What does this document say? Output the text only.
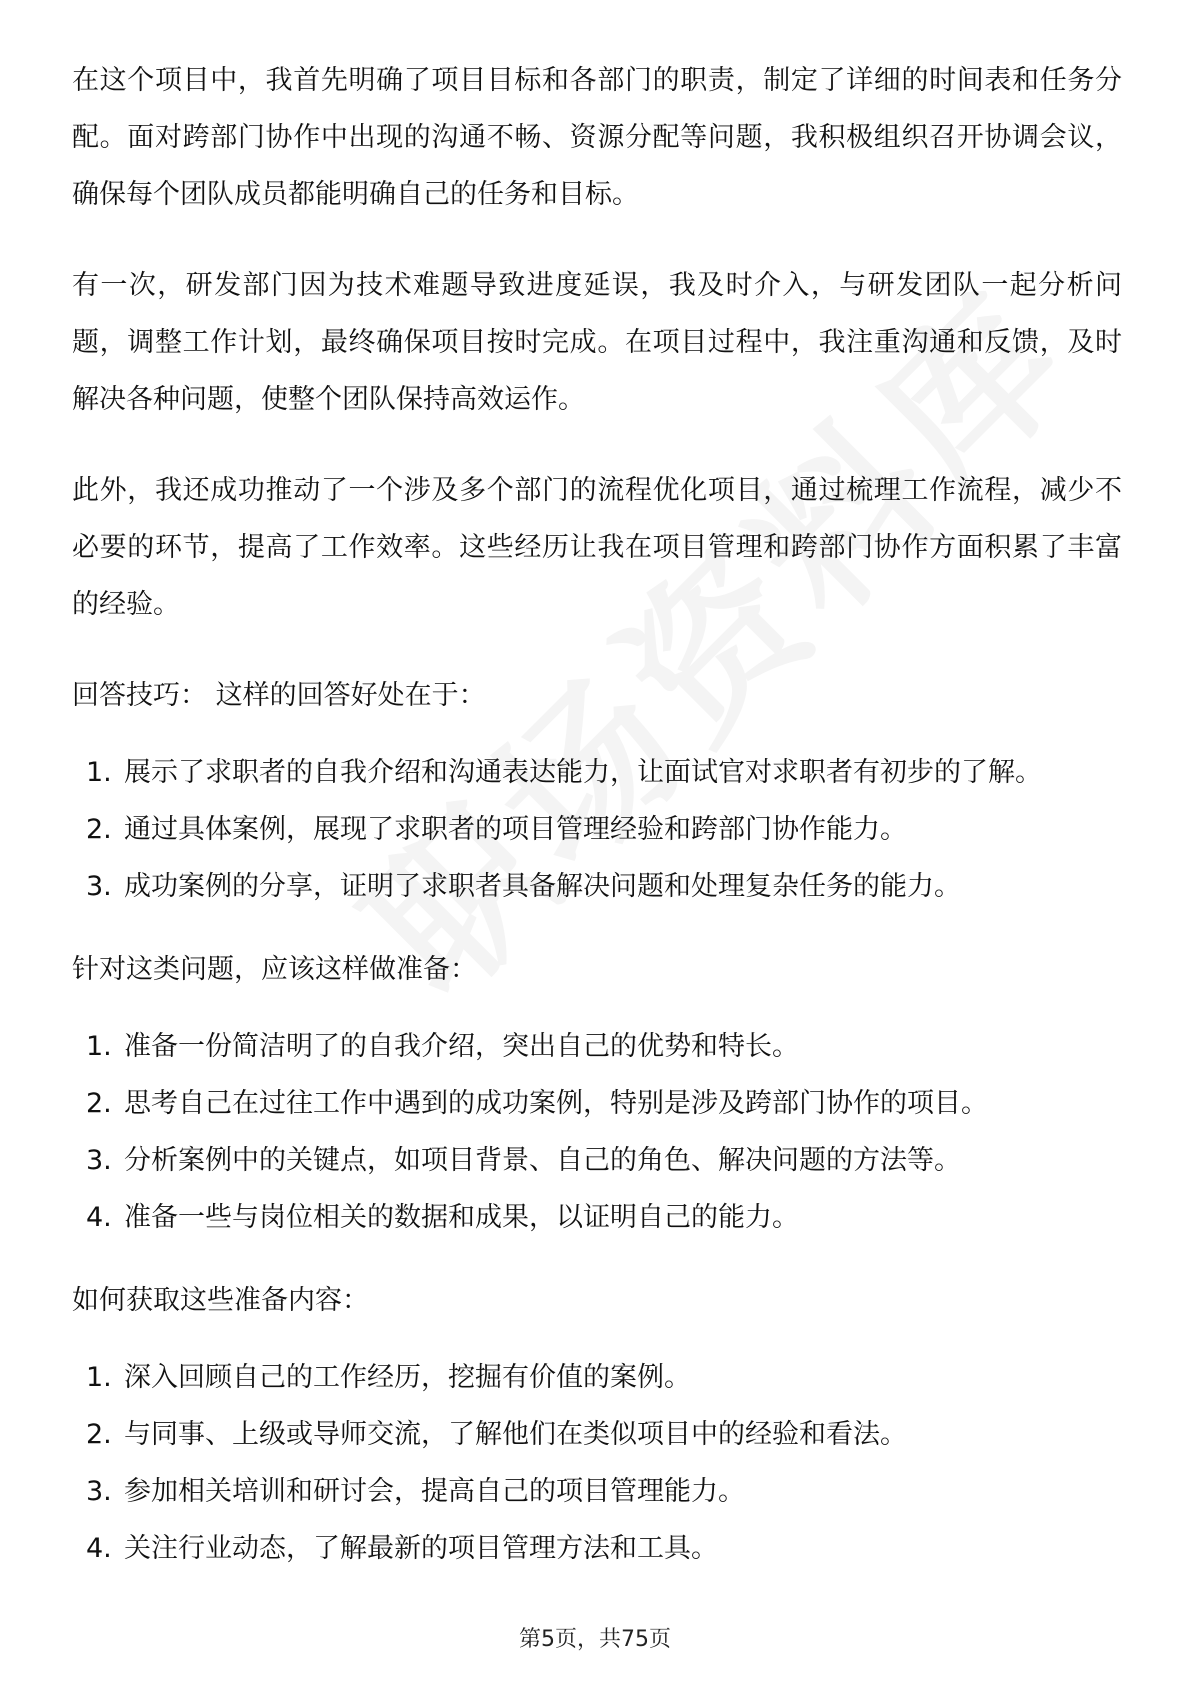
在这个项目中，我首先明确了项目目标和各部门的职责，制定了详细的时间表和任务分配。面对跨部门协作中出现的沟通不畅、资源分配等问题，我积极组织召开协调会议，确保每个团队成员都能明确自己的任务和目标。

有一次，研发部门因为技术难题导致进度延误，我及时介入，与研发团队一起分析问题，调整工作计划，最终确保项目按时完成。在项目过程中，我注重沟通和反馈，及时解决各种问题，使整个团队保持高效运作。

此外，我还成功推动了一个涉及多个部门的流程优化项目，通过梳理工作流程，减少不必要的环节，提高了工作效率。这些经历让我在项目管理和跨部门协作方面积累了丰富的经验。

回答技巧： 这样的回答好处在于：

1. 展示了求职者的自我介绍和沟通表达能力，让面试官对求职者有初步的了解。
2. 通过具体案例，展现了求职者的项目管理经验和跨部门协作能力。
3. 成功案例的分享，证明了求职者具备解决问题和处理复杂任务的能力。

针对这类问题，应该这样做准备：

1. 准备一份简洁明了的自我介绍，突出自己的优势和特长。
2. 思考自己在过往工作中遇到的成功案例，特别是涉及跨部门协作的项目。
3. 分析案例中的关键点，如项目背景、自己的角色、解决问题的方法等。
4. 准备一些与岗位相关的数据和成果，以证明自己的能力。

如何获取这些准备内容：

1. 深入回顾自己的工作经历，挖掘有价值的案例。
2. 与同事、上级或导师交流，了解他们在类似项目中的经验和看法。
3. 参加相关培训和研讨会，提高自己的项目管理能力。
4. 关注行业动态，了解最新的项目管理方法和工具。
第5页，共75页
